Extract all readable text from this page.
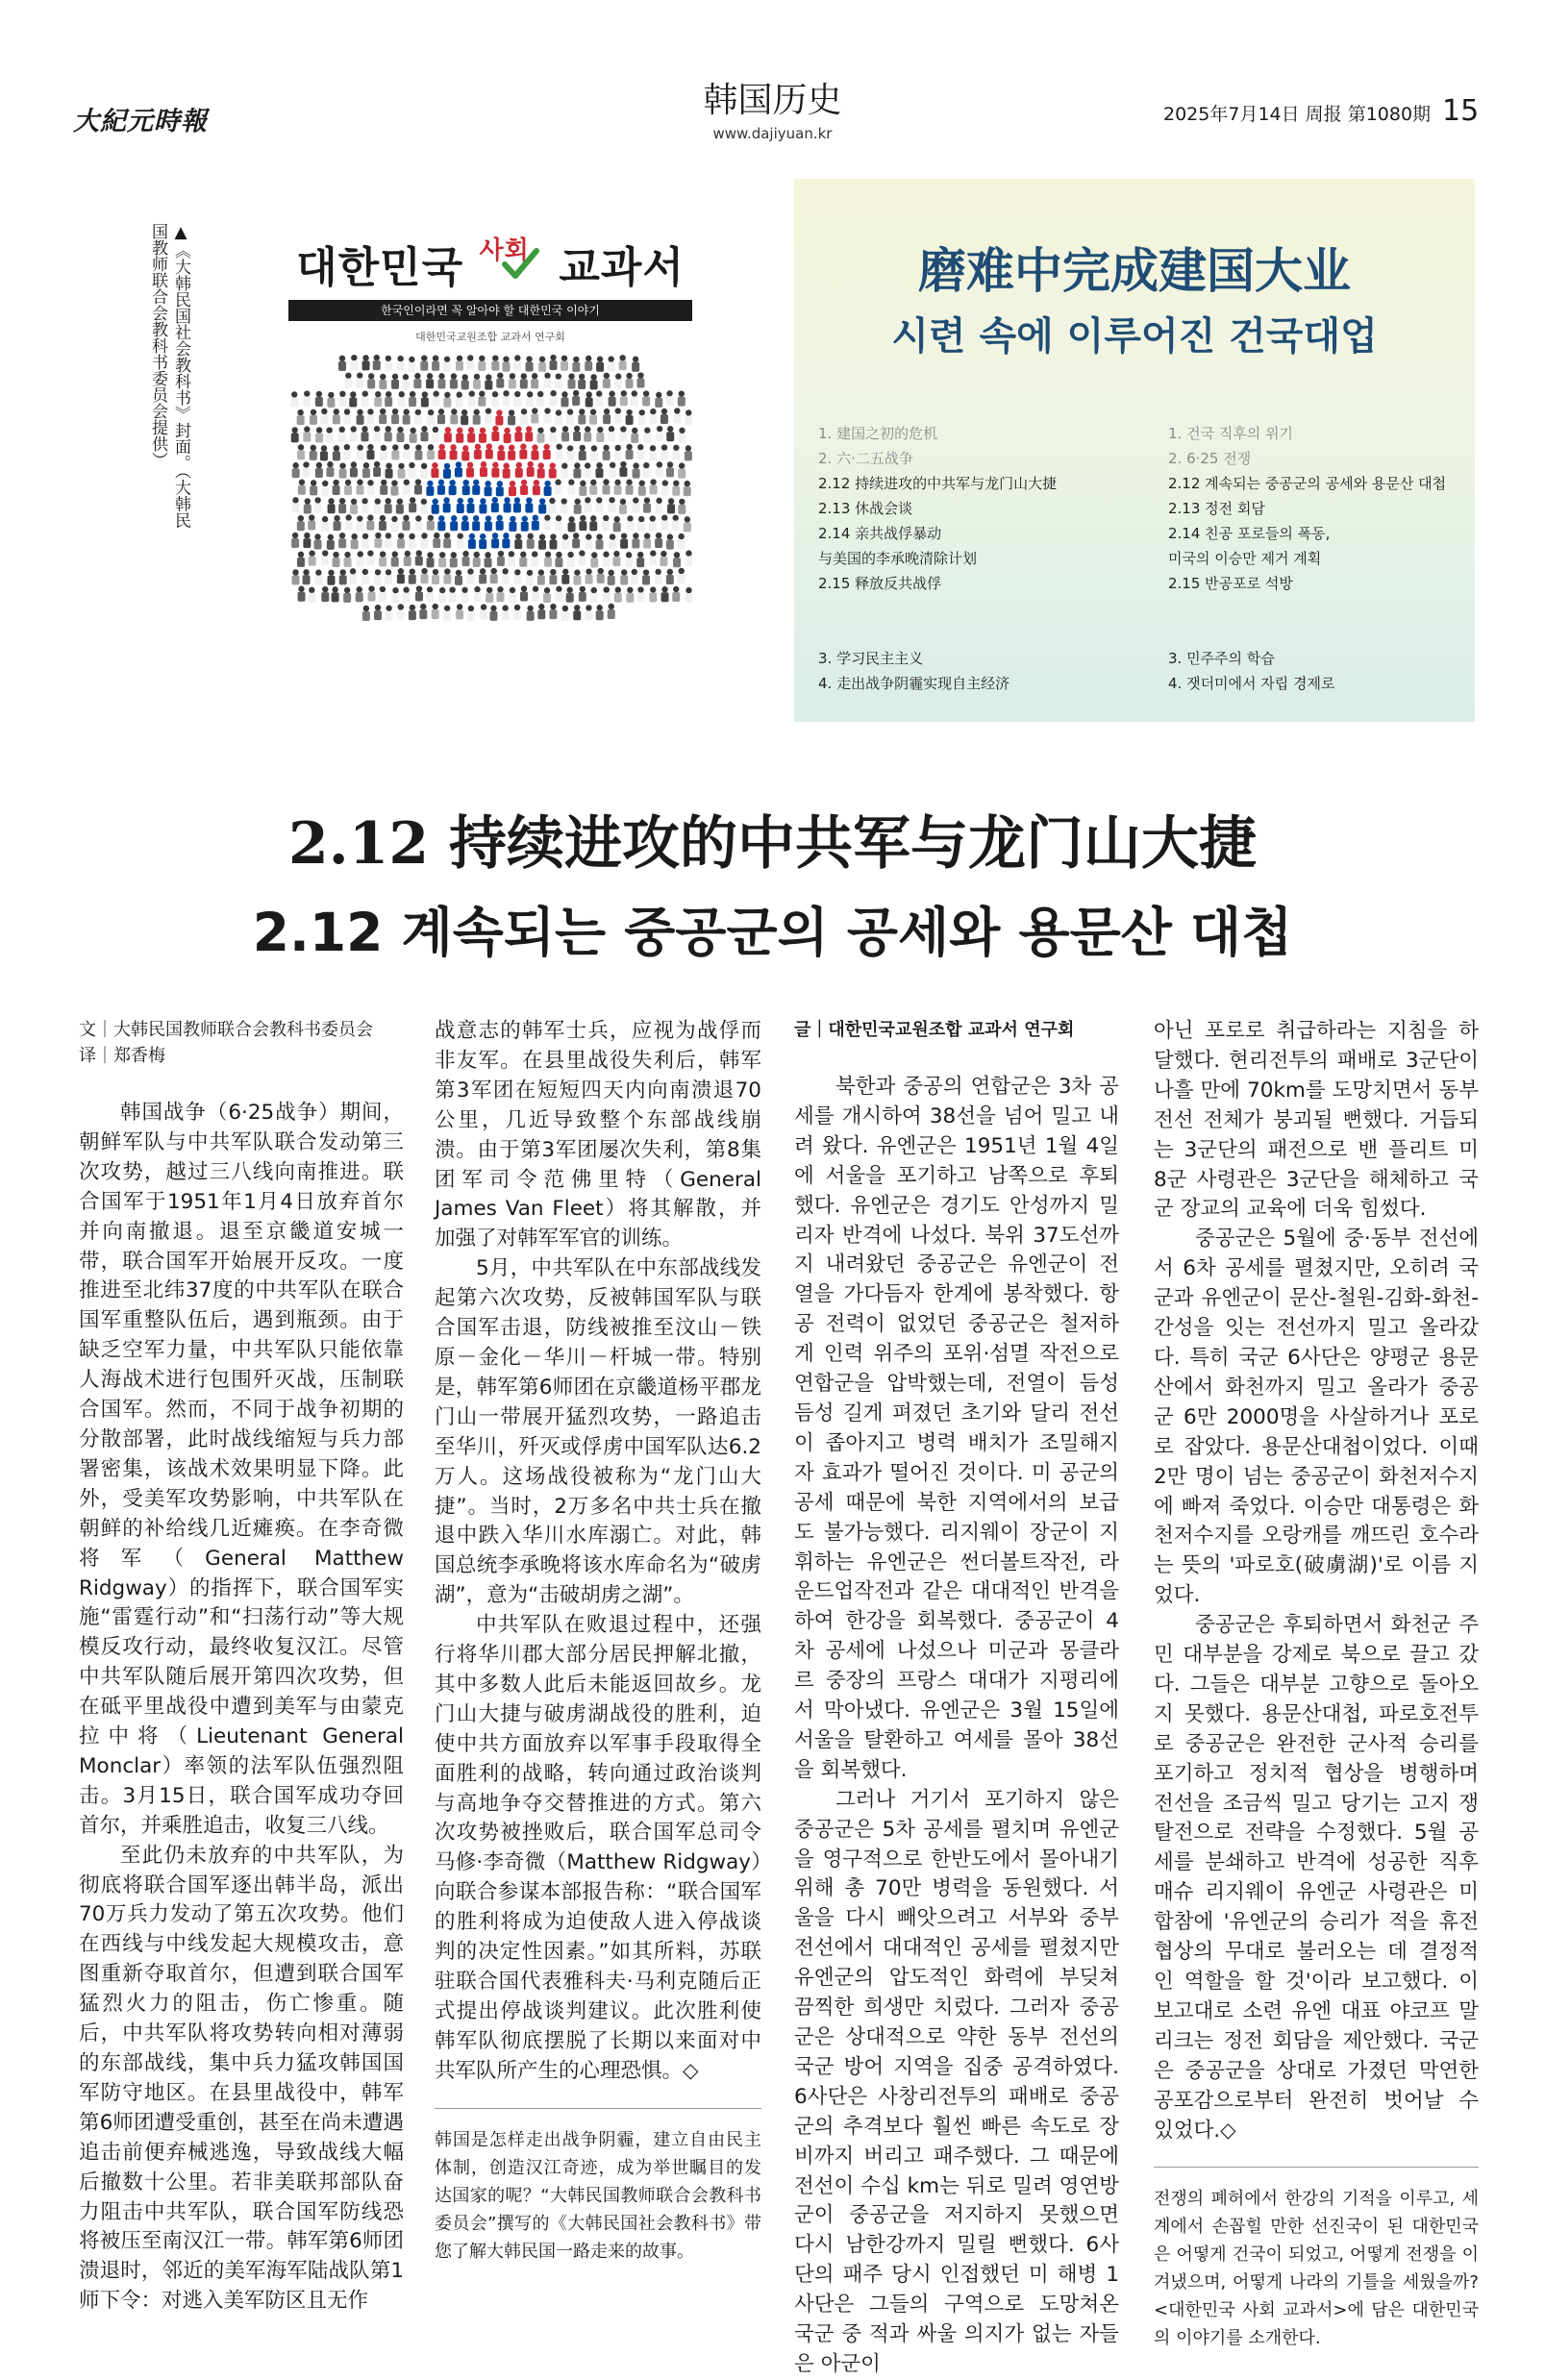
大紀元時報
韩国历史
www.dajiyuan.kr
2025年7月14日 周报 第1080期 15
▲《大韩民国社会教科书》封面。（大韩民国教师联合会教科书委员会提供）	대한민국 $^{사회}$ 교과서
한국인이라면 꼭 알아야 할 대한민국 이야기
대한민국교원조합 교과서 연구회
磨难中完成建国大业
시련 속에 이루어진 건국대업
1. 建国之初的危机
2. 六·二五战争
2.12 持续进攻的中共军与龙门山大捷
2.13 休战会谈
2.14 亲共战俘暴动
与美国的李承晚清除计划
2.15 释放反共战俘
3. 学习民主主义
4. 走出战争阴霾实现自主经济
1. 건국 직후의 위기
2. 6·25 전쟁
2.12 계속되는 중공군의 공세와 용문산 대첩
2.13 정전 회담
2.14 친공 포로들의 폭동,
미국의 이승만 제거 계획
2.15 반공포로 석방
3. 민주주의 학습
4. 잿더미에서 자립 경제로
2.12 持续进攻的中共军与龙门山大捷
2.12 계속되는 중공군의 공세와 용문산 대첩

文｜大韩民国教师联合会教科书委员会

译｜郑香梅

韩国战争（6·25战争）期间，朝鲜军队与中共军队联合发动第三次攻势，越过三八线向南推进。联合国军于1951年1月4日放弃首尔并向南撤退。退至京畿道安城一带，联合国军开始展开反攻。一度推进至北纬37度的中共军队在联合国军重整队伍后，遇到瓶颈。由于缺乏空军力量，中共军队只能依靠人海战术进行包围歼灭战，压制联合国军。然而，不同于战争初期的分散部署，此时战线缩短与兵力部署密集，该战术效果明显下降。此外，受美军攻势影响，中共军队在朝鲜的补给线几近瘫痪。在李奇微将军（General Matthew Ridgway）的指挥下，联合国军实施“雷霆行动”和“扫荡行动”等大规模反攻行动，最终收复汉江。尽管中共军队随后展开第四次攻势，但在砥平里战役中遭到美军与由蒙克拉中将（Lieutenant General Monclar）率领的法军队伍强烈阻击。3月15日，联合国军成功夺回首尔，并乘胜追击，收复三八线。

至此仍未放弃的中共军队，为彻底将联合国军逐出韩半岛，派出70万兵力发动了第五次攻势。他们在西线与中线发起大规模攻击，意图重新夺取首尔，但遭到联合国军猛烈火力的阻击，伤亡惨重。随后，中共军队将攻势转向相对薄弱的东部战线，集中兵力猛攻韩国国军防守地区。在县里战役中，韩军第6师团遭受重创，甚至在尚未遭遇追击前便弃械逃逸，导致战线大幅后撤数十公里。若非美联邦部队奋力阻击中共军队，联合国军防线恐将被压至南汉江一带。韩军第6师团溃退时，邻近的美军海军陆战队第1师下令：对逃入美军防区且无作

战意志的韩军士兵，应视为战俘而非友军。在县里战役失利后，韩军第3军团在短短四天内向南溃退70公里，几近导致整个东部战线崩溃。由于第3军团屡次失利，第8集团军司令范佛里特（General James Van Fleet）将其解散，并加强了对韩军军官的训练。

5月，中共军队在中东部战线发起第六次攻势，反被韩国军队与联合国军击退，防线被推至汶山－铁原－金化－华川－杆城一带。特别是，韩军第6师团在京畿道杨平郡龙门山一带展开猛烈攻势，一路追击至华川，歼灭或俘虏中国军队达6.2万人。这场战役被称为“龙门山大捷”。当时，2万多名中共士兵在撤退中跌入华川水库溺亡。对此，韩国总统李承晚将该水库命名为“破虏湖”，意为“击破胡虏之湖”。

中共军队在败退过程中，还强行将华川郡大部分居民押解北撤，其中多数人此后未能返回故乡。龙门山大捷与破虏湖战役的胜利，迫使中共方面放弃以军事手段取得全面胜利的战略，转向通过政治谈判与高地争夺交替推进的方式。第六次攻势被挫败后，联合国军总司令马修·李奇微（Matthew Ridgway）向联合参谋本部报告称：“联合国军的胜利将成为迫使敌人进入停战谈判的决定性因素。”如其所料，苏联驻联合国代表雅科夫·马利克随后正式提出停战谈判建议。此次胜利使韩军队彻底摆脱了长期以来面对中共军队所产生的心理恐惧。◇

韩国是怎样走出战争阴霾，建立自由民主体制，创造汉江奇迹，成为举世瞩目的发达国家的呢？“大韩民国教师联合会教科书委员会”撰写的《大韩民国社会教科书》带您了解大韩民国一路走来的故事。

글｜대한민국교원조합 교과서 연구회

북한과 중공의 연합군은 3차 공세를 개시하여 38선을 넘어 밀고 내려 왔다. 유엔군은 1951년 1월 4일에 서울을 포기하고 남쪽으로 후퇴했다. 유엔군은 경기도 안성까지 밀리자 반격에 나섰다. 북위 37도선까지 내려왔던 중공군은 유엔군이 전열을 가다듬자 한계에 봉착했다. 항공 전력이 없었던 중공군은 철저하게 인력 위주의 포위·섬멸 작전으로 연합군을 압박했는데, 전열이 듬성 듬성 길게 펴졌던 초기와 달리 전선이 좁아지고 병력 배치가 조밀해지자 효과가 떨어진 것이다. 미 공군의 공세 때문에 북한 지역에서의 보급도 불가능했다. 리지웨이 장군이 지휘하는 유엔군은 썬더볼트작전, 라운드업작전과 같은 대대적인 반격을 하여 한강을 회복했다. 중공군이 4차 공세에 나섰으나 미군과 몽클라르 중장의 프랑스 대대가 지평리에서 막아냈다. 유엔군은 3월 15일에 서울을 탈환하고 여세를 몰아 38선을 회복했다.

그러나 거기서 포기하지 않은 중공군은 5차 공세를 펼치며 유엔군을 영구적으로 한반도에서 몰아내기 위해 총 70만 병력을 동원했다. 서울을 다시 빼앗으려고 서부와 중부 전선에서 대대적인 공세를 펼쳤지만 유엔군의 압도적인 화력에 부딪쳐 끔찍한 희생만 치렀다. 그러자 중공군은 상대적으로 약한 동부 전선의 국군 방어 지역을 집중 공격하였다. 6사단은 사창리전투의 패배로 중공군의 추격보다 훨씬 빠른 속도로 장비까지 버리고 패주했다. 그 때문에 전선이 수십 km는 뒤로 밀려 영연방군이 중공군을 저지하지 못했으면 다시 남한강까지 밀릴 뻔했다. 6사단의 패주 당시 인접했던 미 해병 1사단은 그들의 구역으로 도망쳐온 국군 중 적과 싸울 의지가 없는 자들은 아군이

아닌 포로로 취급하라는 지침을 하달했다. 현리전투의 패배로 3군단이 나흘 만에 70km를 도망치면서 동부 전선 전체가 붕괴될 뻔했다. 거듭되는 3군단의 패전으로 밴 플리트 미 8군 사령관은 3군단을 해체하고 국군 장교의 교육에 더욱 힘썼다.

중공군은 5월에 중·동부 전선에서 6차 공세를 펼쳤지만, 오히려 국군과 유엔군이 문산-철원-김화-화천-간성을 잇는 전선까지 밀고 올라갔다. 특히 국군 6사단은 양평군 용문산에서 화천까지 밀고 올라가 중공군 6만 2000명을 사살하거나 포로로 잡았다. 용문산대첩이었다. 이때 2만 명이 넘는 중공군이 화천저수지에 빠져 죽었다. 이승만 대통령은 화천저수지를 오랑캐를 깨뜨린 호수라는 뜻의 '파로호(破虜湖)'로 이름 지었다.

중공군은 후퇴하면서 화천군 주민 대부분을 강제로 북으로 끌고 갔다. 그들은 대부분 고향으로 돌아오지 못했다. 용문산대첩, 파로호전투로 중공군은 완전한 군사적 승리를 포기하고 정치적 협상을 병행하며 전선을 조금씩 밀고 당기는 고지 쟁탈전으로 전략을 수정했다. 5월 공세를 분쇄하고 반격에 성공한 직후 매슈 리지웨이 유엔군 사령관은 미 합참에 '유엔군의 승리가 적을 휴전 협상의 무대로 불러오는 데 결정적인 역할을 할 것'이라 보고했다. 이 보고대로 소련 유엔 대표 야코프 말리크는 정전 회담을 제안했다. 국군은 중공군을 상대로 가졌던 막연한 공포감으로부터 완전히 벗어날 수 있었다.◇

전쟁의 폐허에서 한강의 기적을 이루고, 세계에서 손꼽힐 만한 선진국이 된 대한민국은 어떻게 건국이 되었고, 어떻게 전쟁을 이겨냈으며, 어떻게 나라의 기틀을 세웠을까? <대한민국 사회 교과서>에 담은 대한민국의 이야기를 소개한다.
